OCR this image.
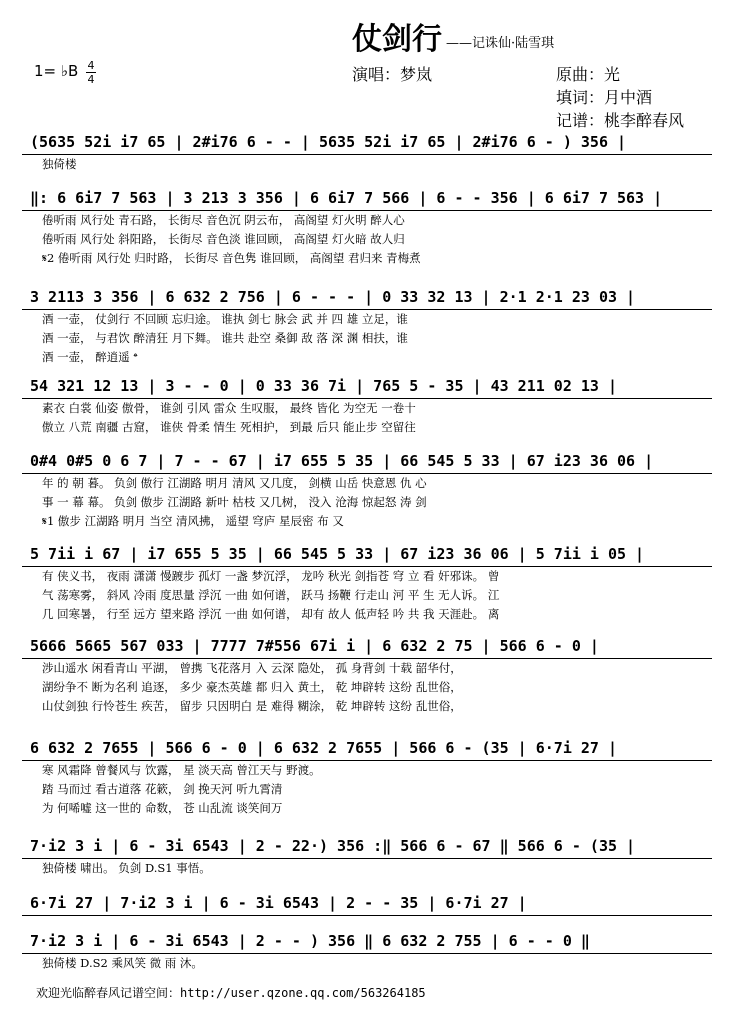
仗剑行 ——记诛仙·陆雪琪
1= ♭B 4
4	演唱：梦岚	原曲：光
填词：月中酒
记谱：桃李醉春风
(5635 52i i7 65 | 2#i76 6 - - | 5635 52i i7 65 | 2#i76 6 - ) 356 |
独倚楼
‖: 6 6i7 7 563 | 3 213 3 356 | 6 6i7 7 566 | 6 - - 356 | 6 6i7 7 563 |
倦听雨 风行处 青石路， 长街尽 音色沉 阴云布， 高阁望 灯火明 醉人心
倦听雨 风行处 斜阳路， 长街尽 音色淡 谁回顾， 高阁望 灯火暗 故人归
𝄋2 倦听雨 风行处 归时路， 长街尽 音色隽 谁回顾， 高阁望 君归来 青梅煮
3 2113 3 356 | 6 632 2 756 | 6 - - - | 0 33 32 13 | 2·1 2·1 23 03 |
酒 一壶， 仗剑行 不回顾 忘归途。 谁执 剑七 脉会 武 并 四 雄 立足，谁
酒 一壶， 与君饮 醉清狂 月下舞。 谁共 赴空 桑御 敌 落 深 渊 相扶，谁
酒 一壶， 醉逍遥 𝄌
54 321 12 13 | 3 - - 0 | 0 33 36 7i | 765 5 - 35 | 43 211 02 13 |
素衣 白裳 仙姿 傲骨， 谁剑 引风 雷众 生叹服， 最终 皆化 为空无 一卷十
傲立 八荒 南疆 古窟， 谁侠 骨柔 情生 死相护， 到最 后只 能止步 空留往
0#4 0#5 0 6 7 | 7 - - 67 | i7 655 5 35 | 66 545 5 33 | 67 i23 36 06 |
年 的 朝 暮。 负剑 傲行 江湖路 明月 清风 又几度， 剑横 山岳 快意恩 仇 心
事 一 幕 幕。 负剑 傲步 江湖路 新叶 枯枝 又几树， 没入 沧海 惊起怒 涛 剑
𝄋1 傲步 江湖路 明月 当空 清风拂， 遥望 穹庐 星辰密 布 又
5 7ii i 67 | i7 655 5 35 | 66 545 5 33 | 67 i23 36 06 | 5 7ii i 05 |
有 侠义书， 夜雨 潇潇 慢踱步 孤灯 一盏 梦沉浮， 龙吟 秋光 剑指苍 穹 立 看 奸邪诛。 曾
气 荡寒雾， 斜风 冷雨 度思量 浮沉 一曲 如何谱， 跃马 扬鞭 行走山 河 平 生 无人诉。 江
几 回寒暑， 行至 远方 望来路 浮沉 一曲 如何谱， 却有 故人 低声轻 吟 共 我 天涯赴。 离
5666 5665 567 033 | 7777 7#556 67i i | 6 632 2 75 | 566 6 - 0 |
涉山遥水 闲看青山 平湖， 曾携 飞花落月 入 云深 隐处， 孤 身背剑 十载 韶华付，
湖纷争不 断为名利 追逐， 多少 豪杰英雄 都 归入 黄土， 乾 坤辟转 这纷 乱世俗，
山仗剑独 行怜苍生 疾苦， 留步 只因明白 是 难得 糊涂， 乾 坤辟转 这纷 乱世俗，
6 632 2 7655 | 566 6 - 0 | 6 632 2 7655 | 566 6 - (35 | 6·7i 27 |
寒 风霜降 曾餐风与 饮露， 星 淡天高 曾江天与 野渡。
踏 马而过 看古道落 花簌， 剑 挽天河 听九霄清
为 何唏嘘 这一世的 命数， 苍 山乱流 谈笑间万
7·i2 3 i | 6 - 3i 6543 | 2 - 22·) 356 :‖ 566 6 - 67 ‖ 566 6 - (35 |
独倚楼 啸出。 负剑 D.S1 事悟。
6·7i 27 | 7·i2 3 i | 6 - 3i 6543 | 2 - - 35 | 6·7i 27 |
7·i2 3 i | 6 - 3i 6543 | 2 - - ) 356 ‖ 6 632 2 755 | 6 - - 0 ‖
独倚楼 D.S2 乘风笑 微 雨 沐。
欢迎光临醉春风记谱空间：http://user.qzone.qq.com/563264185
